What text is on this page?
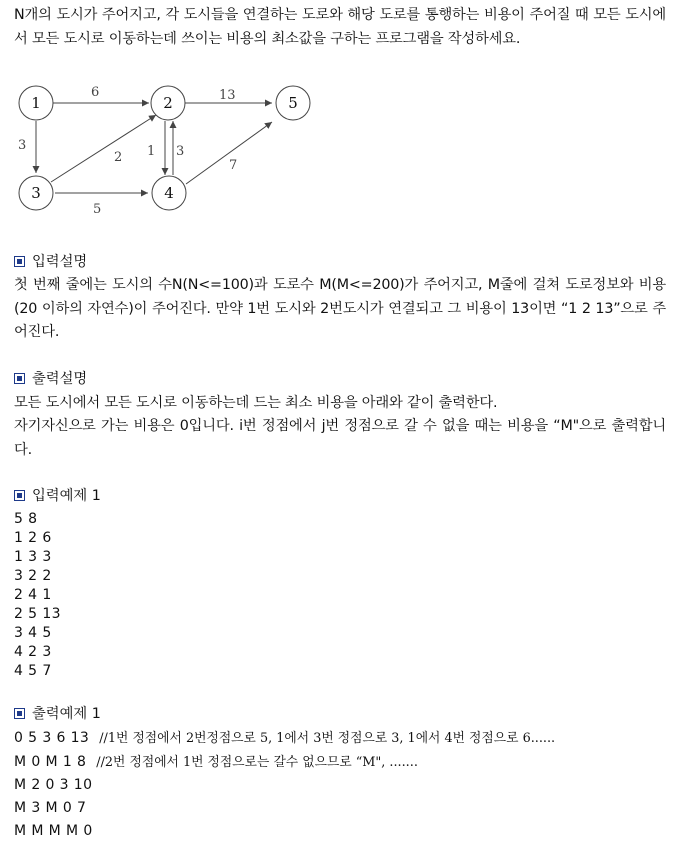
N개의 도시가 주어지고, 각 도시들을 연결하는 도로와 해당 도로를 통행하는 비용이 주어질 때 모든 도시에서 모든 도시로 이동하는데 쓰이는 비용의 최소값을 구하는 프로그램을 작성하세요.
6	13
3
2 1 3
7
5
1	2
3	4
5
입력설명
첫 번째 줄에는 도시의 수N(N<=100)과 도로수 M(M<=200)가 주어지고, M줄에 걸쳐 도로정보와 비용(20 이하의 자연수)이 주어진다. 만약 1번 도시와 2번도시가 연결되고 그 비용이 13이면 “1 2 13”으로 주어진다.
출력설명
모든 도시에서 모든 도시로 이동하는데 드는 최소 비용을 아래와 같이 출력한다.
자기자신으로 가는 비용은 0입니다. i번 정점에서 j번 정점으로 갈 수 없을 때는 비용을 “M"으로 출력합니다.
입력예제 1
5 8
1 2 6
1 3 3
3 2 2
2 4 1
2 5 13
3 4 5
4 2 3
4 5 7
출력예제 1
0 5 3 6 13 //1번 정점에서 2번정점으로 5, 1에서 3번 정점으로 3, 1에서 4번 정점으로 6......
M 0 M 1 8 //2번 정점에서 1번 정점으로는 갈수 없으므로 “M", .......
M 2 0 3 10
M 3 M 0 7
M M M M 0
